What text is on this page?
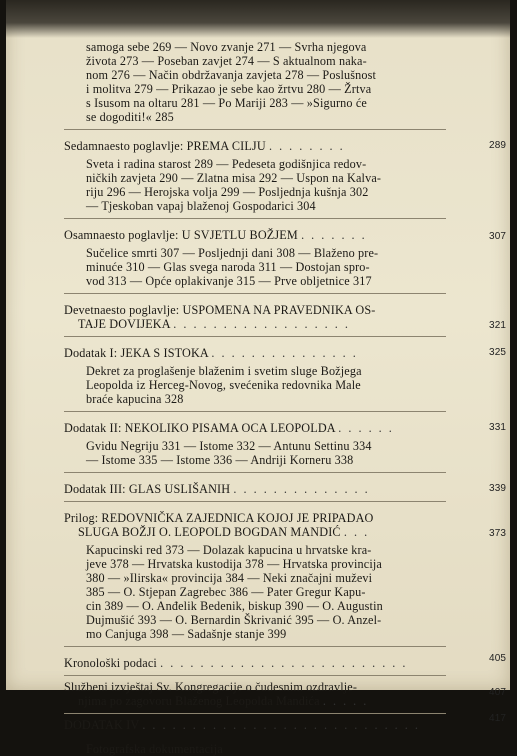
samoga sebe 269 — Novo zvanje 271 — Svrha njegova

života 273 — Poseban zavjet 274 — S aktualnom naka-

nom 276 — Način obdržavanja zavjeta 278 — Poslušnost

i molitva 279 — Prikazao je sebe kao žrtvu 280 — Žrtva

s Isusom na oltaru 281 — Po Mariji 283 — »Sigurno će

se dogoditi!« 285

Sedamnaesto poglavlje: PREMA CILJU . . . . . . . .	289

Sveta i radina starost 289 — Pedeseta godišnjica redov-

ničkih zavjeta 290 — Zlatna misa 292 — Uspon na Kalva-

riju 296 — Herojska volja 299 — Posljednja kušnja 302

— Tjeskoban vapaj blaženoj Gospodarici 304

Osamnaesto poglavlje: U SVJETLU BOŽJEM . . . . . . .	307

Sučelice smrti 307 — Posljednji dani 308 — Blaženo pre-

minuće 310 — Glas svega naroda 311 — Dostojan spro-

vod 313 — Opće oplakivanje 315 — Prve obljetnice 317

Devetnaesto poglavlje: USPOMENA NA PRAVEDNIKA OS-
TAJE DOVIJEKA . . . . . . . . . . . . . . . . . .	321
Dodatak I: JEKA S ISTOKA . . . . . . . . . . . . . . .	325

Dekret za proglašenje blaženim i svetim sluge Božjega

Leopolda iz Herceg-Novog, svećenika redovnika Male

braće kapucina 328

Dodatak II: NEKOLIKO PISAMA OCA LEOPOLDA . . . . . .	331

Gvidu Negriju 331 — Istome 332 — Antunu Settinu 334

— Istome 335 — Istome 336 — Andriji Korneru 338

Dodatak III: GLAS USLIŠANIH . . . . . . . . . . . . . .	339
Prilog: REDOVNIČKA ZAJEDNICA KOJOJ JE PRIPADAO
SLUGA BOŽJI O. LEOPOLD BOGDAN MANDIĆ . . .	373

Kapucinski red 373 — Dolazak kapucina u hrvatske kra-

jeve 378 — Hrvatska kustodija 378 — Hrvatska provincija

380 — »Ilirska« provincija 384 — Neki značajni muževi

385 — O. Stjepan Zagrebec 386 — Pater Gregur Kapu-

cin 389 — O. Anđelik Bedenik, biskup 390 — O. Augustin

Dujmušić 393 — O. Bernardin Škrivanić 395 — O. Anzel-

mo Canjuga 398 — Sadašnje stanje 399

Kronološki podaci . . . . . . . . . . . . . . . . . . . . . . . . .	405
Službeni izvještaj Sv. Kongregacije o čudesnim ozdravlje-
njima po zagovoru Blaženog Leopolda Mandića . . . . .
407
DODATAK IV . . . . . . . . . . . . . . . . . . . . . . . . . . . .	417

Fotografska dokumentacija
